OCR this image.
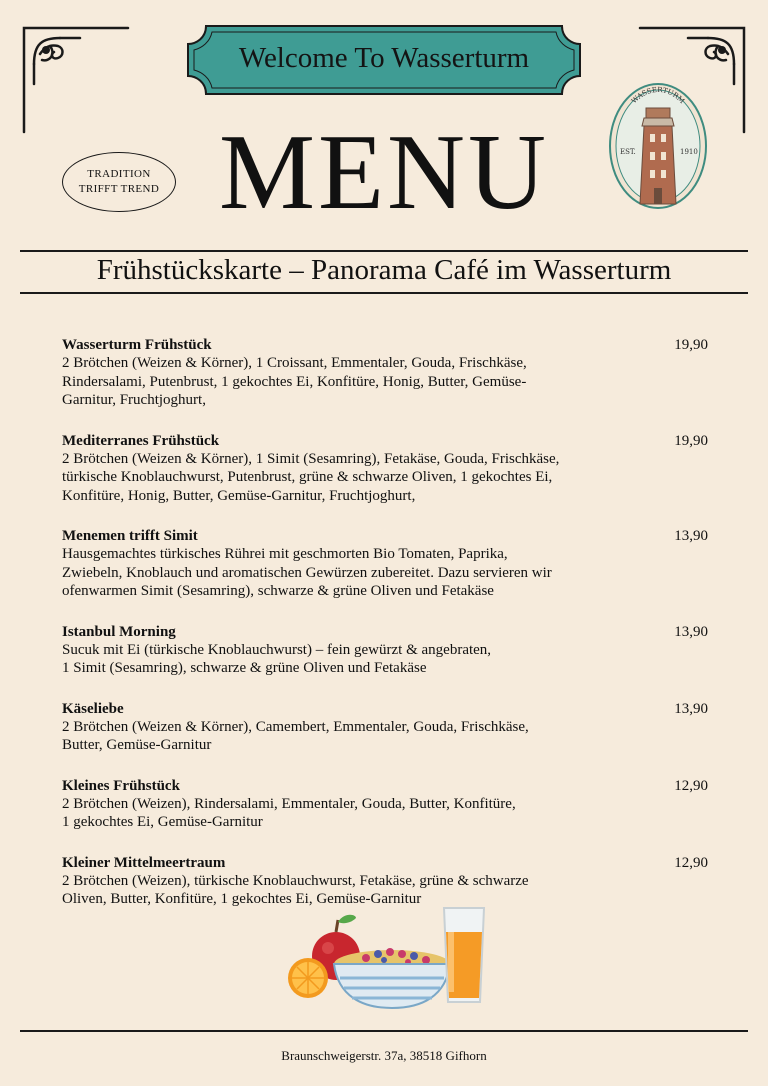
Welcome To Wasserturm
TRADITION
TRIFFT TREND MENU
WASSERTURM
EST.	1910
Frühstückskarte – Panorama Café im Wasserturm
Wasserturm Frühstück	19,90
2 Brötchen (Weizen & Körner), 1 Croissant, Emmentaler, Gouda, Frischkäse,
Rindersalami, Putenbrust, 1 gekochtes Ei, Konfitüre, Honig, Butter, Gemüse-
Garnitur, Fruchtjoghurt,
Mediterranes Frühstück	19,90
2 Brötchen (Weizen & Körner), 1 Simit (Sesamring), Fetakäse, Gouda, Frischkäse,
türkische Knoblauchwurst, Putenbrust, grüne & schwarze Oliven, 1 gekochtes Ei,
Konfitüre, Honig, Butter, Gemüse-Garnitur, Fruchtjoghurt,
Menemen trifft Simit	13,90
Hausgemachtes türkisches Rührei mit geschmorten Bio Tomaten, Paprika,
Zwiebeln, Knoblauch und aromatischen Gewürzen zubereitet. Dazu servieren wir
ofenwarmen Simit (Sesamring), schwarze & grüne Oliven und Fetakäse
Istanbul Morning	13,90
Sucuk mit Ei (türkische Knoblauchwurst) – fein gewürzt & angebraten,
1 Simit (Sesamring), schwarze & grüne Oliven und Fetakäse
Käseliebe	13,90
2 Brötchen (Weizen & Körner), Camembert, Emmentaler, Gouda, Frischkäse,
Butter, Gemüse-Garnitur
Kleines Frühstück	12,90
2 Brötchen (Weizen), Rindersalami, Emmentaler, Gouda, Butter, Konfitüre,
1 gekochtes Ei, Gemüse-Garnitur
Kleiner Mittelmeertraum	12,90
2 Brötchen (Weizen), türkische Knoblauchwurst, Fetakäse, grüne & schwarze
Oliven, Butter, Konfitüre, 1 gekochtes Ei, Gemüse-Garnitur
Braunschweigerstr. 37a, 38518 Gifhorn
